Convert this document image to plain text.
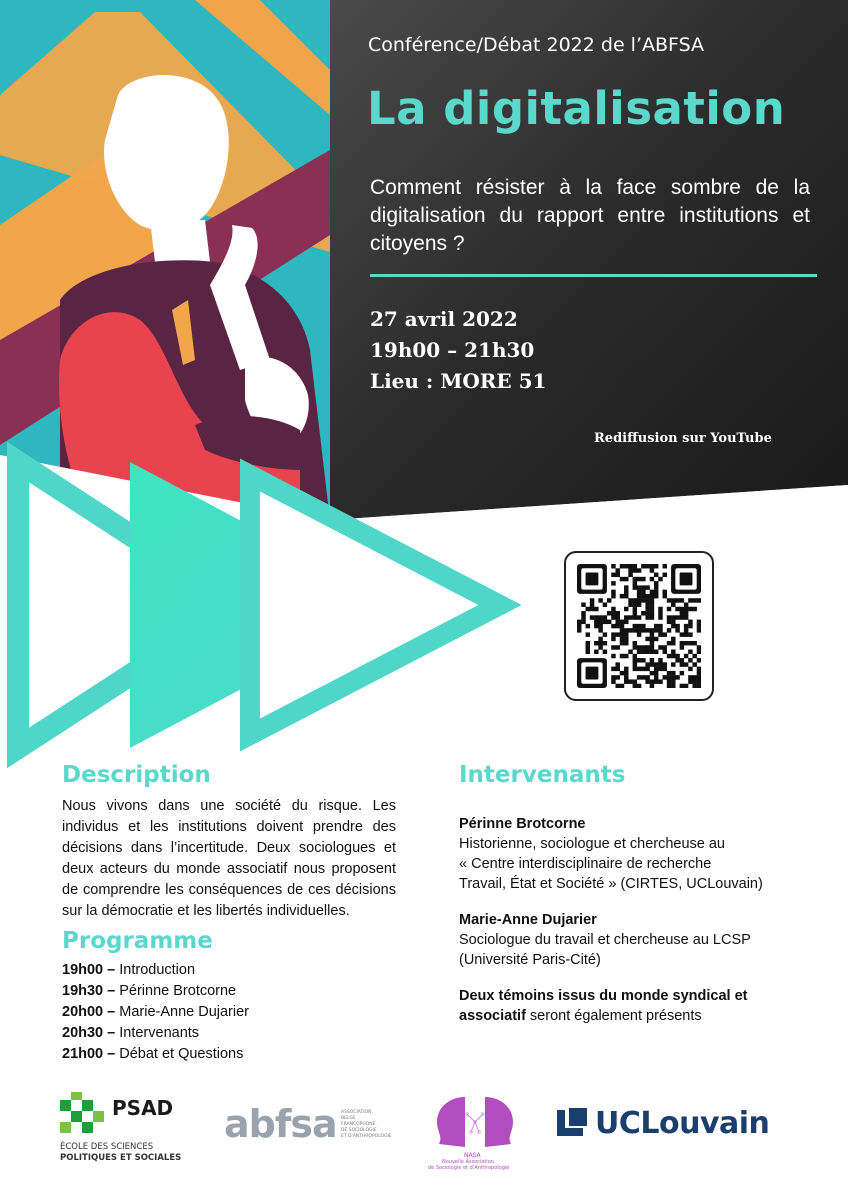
Conférence/Débat 2022 de l’ABFSA
La digitalisation
Comment résister à la face sombre de la digitalisation du rapport entre institutions et citoyens ?
27 avril 2022
19h00 – 21h30
Lieu : MORE 51
Rediffusion sur YouTube
Description
Nous vivons dans une société du risque. Les individus et les institutions doivent prendre des décisions dans l’incertitude. Deux sociologues et deux acteurs du monde associatif nous proposent de comprendre les conséquences de ces décisions sur la démocratie et les libertés individuelles.
Programme
19h00 – Introduction
19h30 – Périnne Brotcorne
20h00 – Marie-Anne Dujarier
20h30 – Intervenants
21h00 – Débat et Questions
Intervenants
Périnne Brotcorne
Historienne, sociologue et chercheuse au
« Centre interdisciplinaire de recherche
Travail, État et Société » (CIRTES, UCLouvain)
Marie-Anne Dujarier
Sociologue du travail et chercheuse au LCSP
(Université Paris-Cité)
Deux témoins issus du monde syndical et associatif seront également présents
PSAD
ÉCOLE DES SCIENCES
POLITIQUES ET SOCIALES
abfsa ASSOCIATION
BELGE
FRANCOPHONE
DE SOCIOLOGIE
ET D'ANTHROPOLOGIE
NASA
Nouvelle Association
de Sociologie et d’Anthropologie
UCLouvain
